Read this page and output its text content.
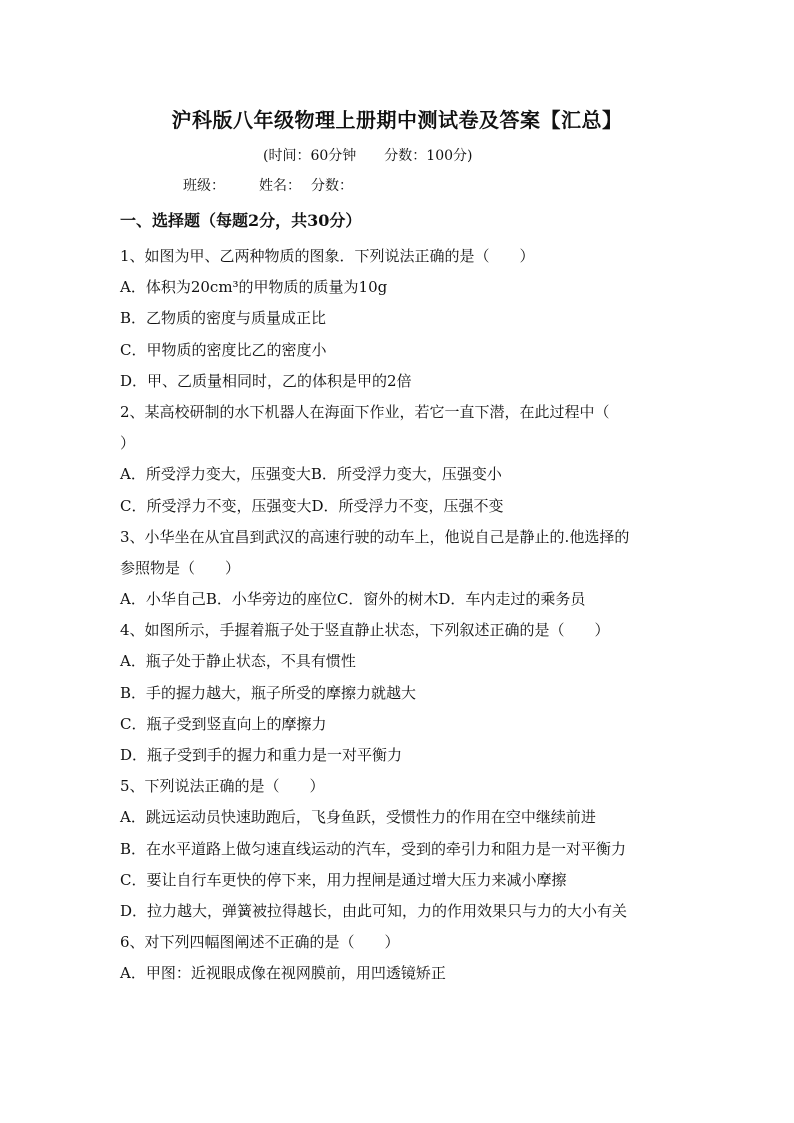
沪科版八年级物理上册期中测试卷及答案【汇总】
(时间：60分钟 分数：100分)
班级： 姓名： 分数：
一、选择题（每题2分，共30分）
1、如图为甲、乙两种物质的图象．下列说法正确的是（　　）
A．体积为20cm³的甲物质的质量为10g
B．乙物质的密度与质量成正比
C．甲物质的密度比乙的密度小
D．甲、乙质量相同时，乙的体积是甲的2倍
2、某高校研制的水下机器人在海面下作业，若它一直下潜，在此过程中（
）
A．所受浮力变大，压强变大B．所受浮力变大，压强变小
C．所受浮力不变，压强变大D．所受浮力不变，压强不变
3、小华坐在从宜昌到武汉的高速行驶的动车上，他说自己是静止的.他选择的
参照物是（　　）
A．小华自己B．小华旁边的座位C．窗外的树木D．车内走过的乘务员
4、如图所示，手握着瓶子处于竖直静止状态，下列叙述正确的是（　　）
A．瓶子处于静止状态，不具有惯性
B．手的握力越大，瓶子所受的摩擦力就越大
C．瓶子受到竖直向上的摩擦力
D．瓶子受到手的握力和重力是一对平衡力
5、下列说法正确的是（　　）
A．跳远运动员快速助跑后，飞身鱼跃，受惯性力的作用在空中继续前进
B．在水平道路上做匀速直线运动的汽车，受到的牵引力和阻力是一对平衡力
C．要让自行车更快的停下来，用力捏闸是通过增大压力来减小摩擦
D．拉力越大，弹簧被拉得越长，由此可知，力的作用效果只与力的大小有关
6、对下列四幅图阐述不正确的是（　　）
A．甲图：近视眼成像在视网膜前，用凹透镜矫正
